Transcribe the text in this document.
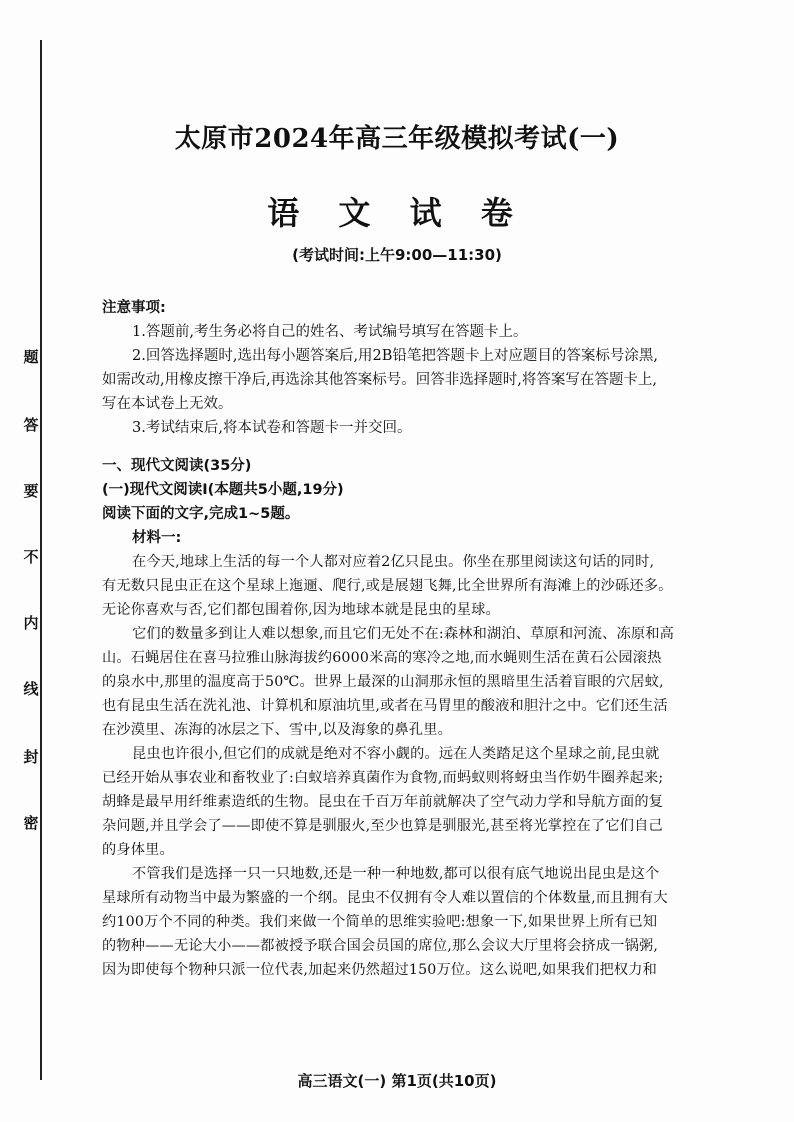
题
答
要
不
内
线
封
密
太原市2024年高三年级模拟考试(一)
语 文 试 卷
(考试时间:上午9:00—11:30)
注意事项:
1.答题前,考生务必将自己的姓名、考试编号填写在答题卡上。
2.回答选择题时,选出每小题答案后,用2B铅笔把答题卡上对应题目的答案标号涂黑,
如需改动,用橡皮擦干净后,再选涂其他答案标号。回答非选择题时,将答案写在答题卡上,
写在本试卷上无效。
3.考试结束后,将本试卷和答题卡一并交回。
一、现代文阅读(35分)
(一)现代文阅读Ⅰ(本题共5小题,19分)
阅读下面的文字,完成1~5题。
材料一:
在今天,地球上生活的每一个人都对应着2亿只昆虫。你坐在那里阅读这句话的同时,
有无数只昆虫正在这个星球上迤逦、爬行,或是展翅飞舞,比全世界所有海滩上的沙砾还多。
无论你喜欢与否,它们都包围着你,因为地球本就是昆虫的星球。
它们的数量多到让人难以想象,而且它们无处不在:森林和湖泊、草原和河流、冻原和高
山。石蝇居住在喜马拉雅山脉海拔约6000米高的寒冷之地,而水蝇则生活在黄石公园滚热
的泉水中,那里的温度高于50℃。世界上最深的山洞那永恒的黑暗里生活着盲眼的穴居蚊,
也有昆虫生活在洗礼池、计算机和原油坑里,或者在马胃里的酸液和胆汁之中。它们还生活
在沙漠里、冻海的冰层之下、雪中,以及海象的鼻孔里。
昆虫也许很小,但它们的成就是绝对不容小觑的。远在人类踏足这个星球之前,昆虫就
已经开始从事农业和畜牧业了:白蚁培养真菌作为食物,而蚂蚁则将蚜虫当作奶牛圈养起来;
胡蜂是最早用纤维素造纸的生物。昆虫在千百万年前就解决了空气动力学和导航方面的复
杂问题,并且学会了——即使不算是驯服火,至少也算是驯服光,甚至将光掌控在了它们自己
的身体里。
不管我们是选择一只一只地数,还是一种一种地数,都可以很有底气地说出昆虫是这个
星球所有动物当中最为繁盛的一个纲。昆虫不仅拥有令人难以置信的个体数量,而且拥有大
约100万个不同的种类。我们来做一个简单的思维实验吧:想象一下,如果世界上所有已知
的物种——无论大小——都被授予联合国会员国的席位,那么会议大厅里将会挤成一锅粥,
因为即使每个物种只派一位代表,加起来仍然超过150万位。这么说吧,如果我们把权力和
高三语文(一) 第1页(共10页)
